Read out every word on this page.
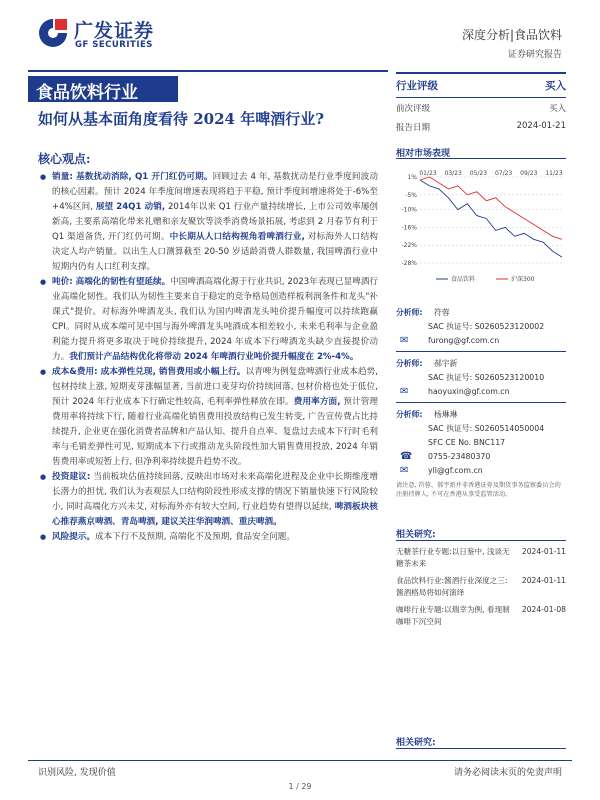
广发证券
GF SECURITIES
深度分析|食品饮料
证券研究报告
食品饮料行业
如何从基本面角度看待 2024 年啤酒行业?
行业评级	买入
前次评级	买入
报告日期	2024-01-21
核心观点:
● 销量: 基数扰动消除, Q1 开门红仍可期。回顾过去 4 年, 基数扰动是行业季度间波动的核心因素。预计 2024 年季度间增速表现将趋于平稳, 预计季度间增速将处于-6%至+4%区间, 展望 24Q1 动销, 2014年以来 Q1 行业产量持续增长, 上市公司效率屡创新高, 主要系高端化带来礼赠和亲友聚饮等淡季消费场景拓展, 考虑到 2 月春节有利于 Q1 渠道备货, 开门红仍可期。中长期从人口结构视角看啤酒行业, 对标海外人口结构决定人均产销量。以出生人口测算截至 20-50 岁适龄消费人群数量, 我国啤酒行业中短期内仍有人口红利支撑。
● 吨价: 高端化的韧性有望延续。中国啤酒高端化源于行业共识, 2023年表现已显啤酒行业高端化韧性。我们认为韧性主要来自于稳定的竞争格局创造样板利润条件和龙头"补课式"提价。对标海外啤酒龙头, 我们认为国内啤酒龙头吨价提升幅度可以持续跑赢 CPI。同时从成本端可见中国与海外啤酒龙头吨酒成本相差较小, 未来毛利率与企业盈利能力提升将更多取决于吨价持续提升, 2024 年成本下行啤酒龙头缺少直接提价动力。我们预计产品结构优化将带动 2024 年啤酒行业吨价提升幅度在 2%-4%。
● 成本&费用: 成本弹性兑现, 销售费用或小幅上行。以青啤为例复盘啤酒行业成本趋势, 包材持续上涨, 短期麦芽涨幅显著, 当前进口麦芽均价持续回落, 包材价格也处于低位, 预计 2024 年行业成本下行确定性较高, 毛利率弹性释放在即。费用率方面, 预计管理费用率将持续下行, 随着行业高端化销售费用投放结构已发生转变, 广告宣传费占比持续提升, 企业更在强化消费者品牌和产品认知、提升自点率、复盘过去成本下行时毛利率与毛销差弹性可见, 短期成本下行或推动龙头阶段性加大销售费用投放, 2024 年销售费用率或短暂上行, 但净利率持续提升趋势不改。
● 投资建议: 当前板块估值持续回落, 反映出市场对未来高端化进程及企业中长期维度增长潜力的担忧, 我们认为表观层人口结构阶段性形成支撑的情况下销量快速下行风险较小, 同时高端化方兴未艾, 对标海外亦有较大空间, 行业趋势有望得以延续, 啤酒板块核心推荐燕京啤酒、青岛啤酒, 建议关注华润啤酒、重庆啤酒。
● 风险提示。成本下行不及预期, 高端化不及预期, 食品安全问题。
相对市场表现
1%
-5%
-10%
-16%
-22%
-28%
01/23 03/23 05/23 07/23 09/23 11/23
食品饮料	沪深300
分析师:	符蓉
SAC 执证号:
S0260523120002
✉	furong@gf.com.cn
分析师:	郝宇新
SAC 执证号:
S0260523120010
✉	haoyuxin@gf.com.cn
分析师:	杨琳琳
SAC 执证号:
S0260514050004
SFC CE No. BNC117
☎	0755-23480370
✉	yll@gf.com.cn
请注意, 符蓉、郝宇新并非香港证券及期货事务监察委员会的注册持牌人, 不可在香港从事受监管活动。
相关研究:
无糖茶行业专题:以日鉴中, 浅谈无糖茶未来
2024-01-11
食品饮料行业:酱酒行业深度之三: 酱酒格局将如何演绎
2024-01-11
咖啡行业专题:以瑞幸为例, 看现制咖啡下沉空间
2024-01-08
相关研究:
识别风险, 发现价值	请务必阅读末页的免责声明
1 / 29
